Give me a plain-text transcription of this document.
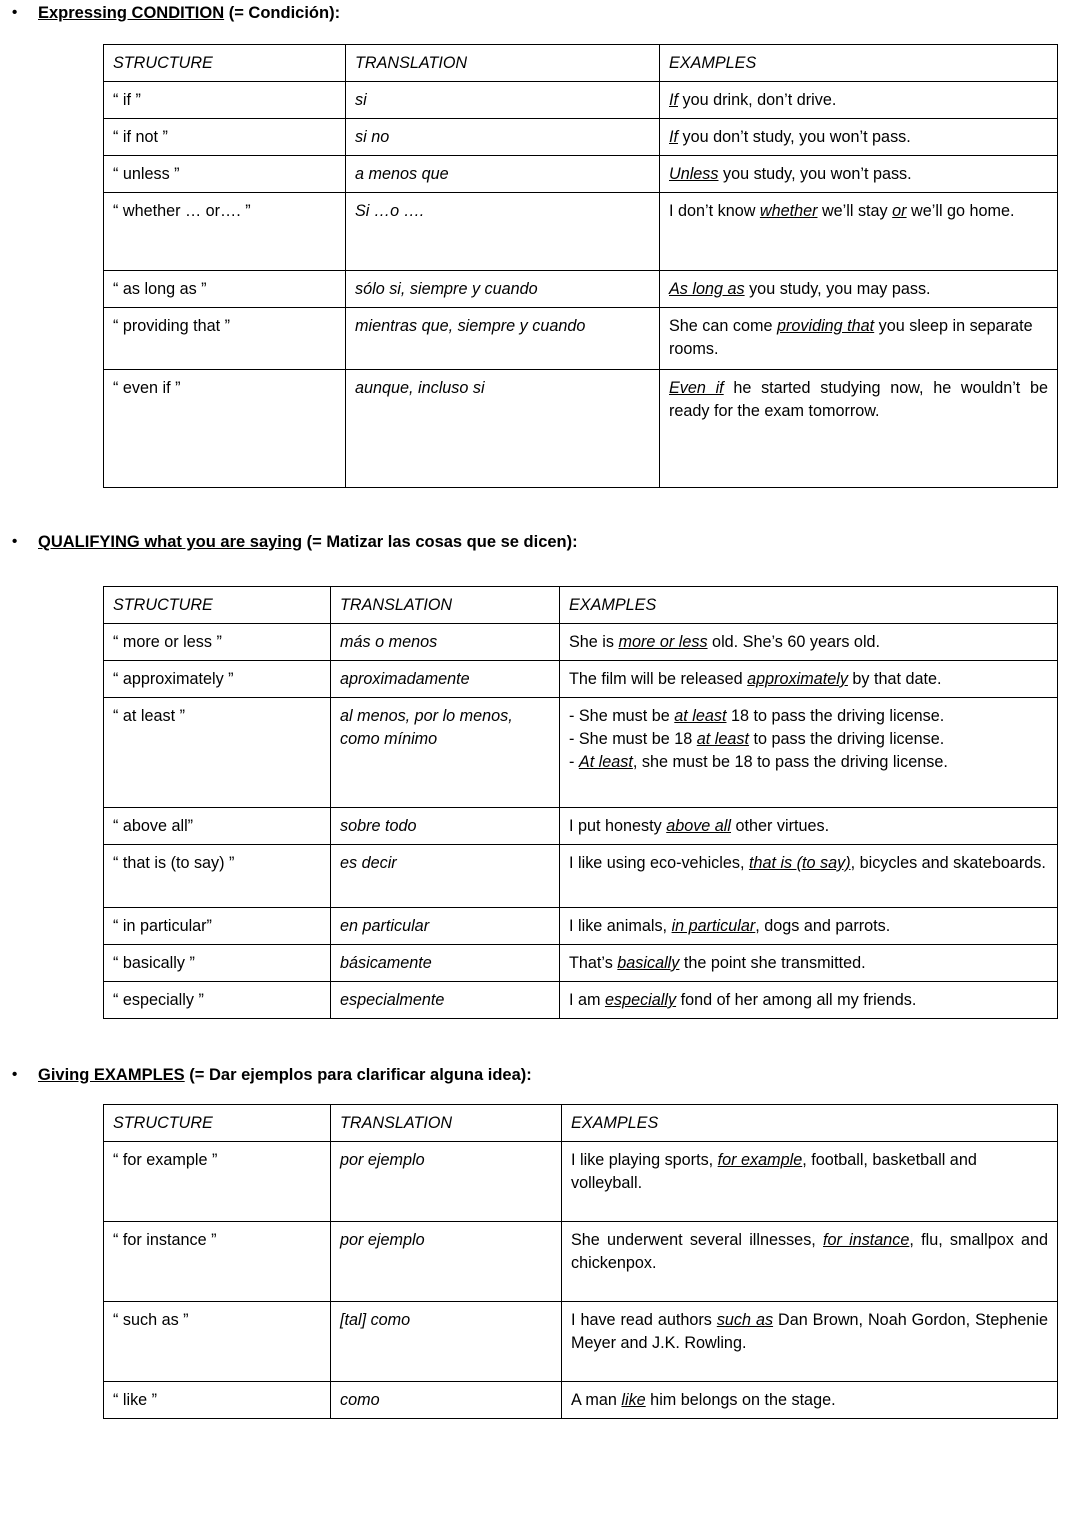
•	Expressing CONDITION (= Condición):
STRUCTURE	TRANSLATION	EXAMPLES
“ if ”	si	If you drink, don’t drive.
“ if not ”	si no	If you don’t study, you won’t pass.
“ unless ”	a menos que	Unless you study, you won’t pass.
“ whether … or…. ”	Si …o ….	I don’t know whether we’ll stay or we’ll go home.
“ as long as ”	sólo si, siempre y cuando	As long as you study, you may pass.
“ providing that ”	mientras que, siempre y cuando	She can come providing that you sleep in separate rooms.
“ even if ”	aunque, incluso si	Even if he started studying now, he wouldn’t be ready for the exam tomorrow.
•	QUALIFYING what you are saying (= Matizar las cosas que se dicen):
STRUCTURE	TRANSLATION	EXAMPLES
“ more or less ”	más o menos	She is more or less old. She’s 60 years old.
“ approximately ”	aproximadamente	The film will be released approximately by that date.
“ at least ”	al menos, por lo menos, como mínimo	- She must be at least 18 to pass the driving license.
- She must be 18 at least to pass the driving license.
- At least, she must be 18 to pass the driving license.

“ above all”	sobre todo	I put honesty above all other virtues.
“ that is (to say) ”	es decir	I like using eco-vehicles, that is (to say), bicycles and skateboards.
“ in particular”	en particular	I like animals, in particular, dogs and parrots.
“ basically ”	básicamente	That’s basically the point she transmitted.
“ especially ”	especialmente	I am especially fond of her among all my friends.
•	Giving EXAMPLES (= Dar ejemplos para clarificar alguna idea):
STRUCTURE	TRANSLATION	EXAMPLES
“ for example ”	por ejemplo	I like playing sports, for example, football, basketball and volleyball.
“ for instance ”	por ejemplo	She underwent several illnesses, for instance, flu, smallpox and chickenpox.
“ such as ”	[tal] como	I have read authors such as Dan Brown, Noah Gordon, Stephenie Meyer and J.K. Rowling.
“ like ”	como	A man like him belongs on the stage.
